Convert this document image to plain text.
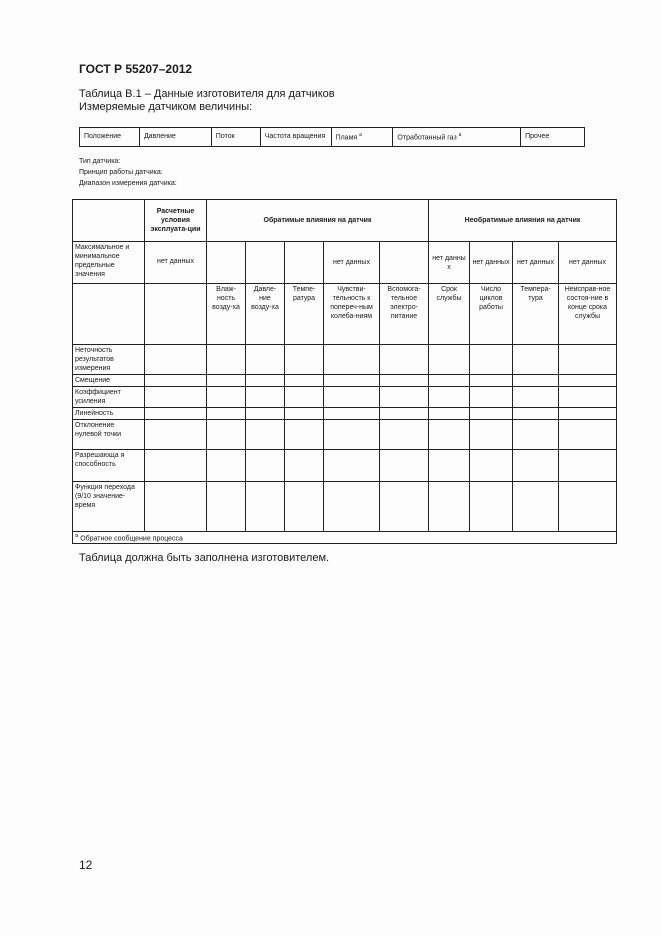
ГОСТ Р 55207–2012
Таблица В.1 – Данные изготовителя для датчиков
Измеряемые датчиком величины:
Положение	Давление	Поток	Частота вращения	Пламя $^a$	Отработанный газ $^a$	Прочее
Тип датчика:
Принцип работы датчика:
Диапазон измерения датчика:
	Расчетные условия эксплуата-ции	Обратимые влияния на датчик					Необратимые влияния на датчик			
Максимальное и минимальное предельные значения	нет данных				нет данных		нет данны х	нет данных	нет данных	нет данных
		Влаж-ность возду-ха	Давле-ние возду-ха	Темпе-ратура	Чувстви-тельность к попереч-ным колеба-ниям	Вспомога-тельное электро-питание	Срок службы	Число циклов работы	Темпера-тура	Неисправ-ное состоя-ние в конце срока службы
Неточность результатов измерения										
Смещение										
Коэффициент усиления										
Линейность										
Отклонение нулевой точки										
Разрешающа я способность										
Функция перехода (9/10 значение-время										
$^a$ Обратное сообщение процесса										
Таблица должна быть заполнена изготовителем.
12
